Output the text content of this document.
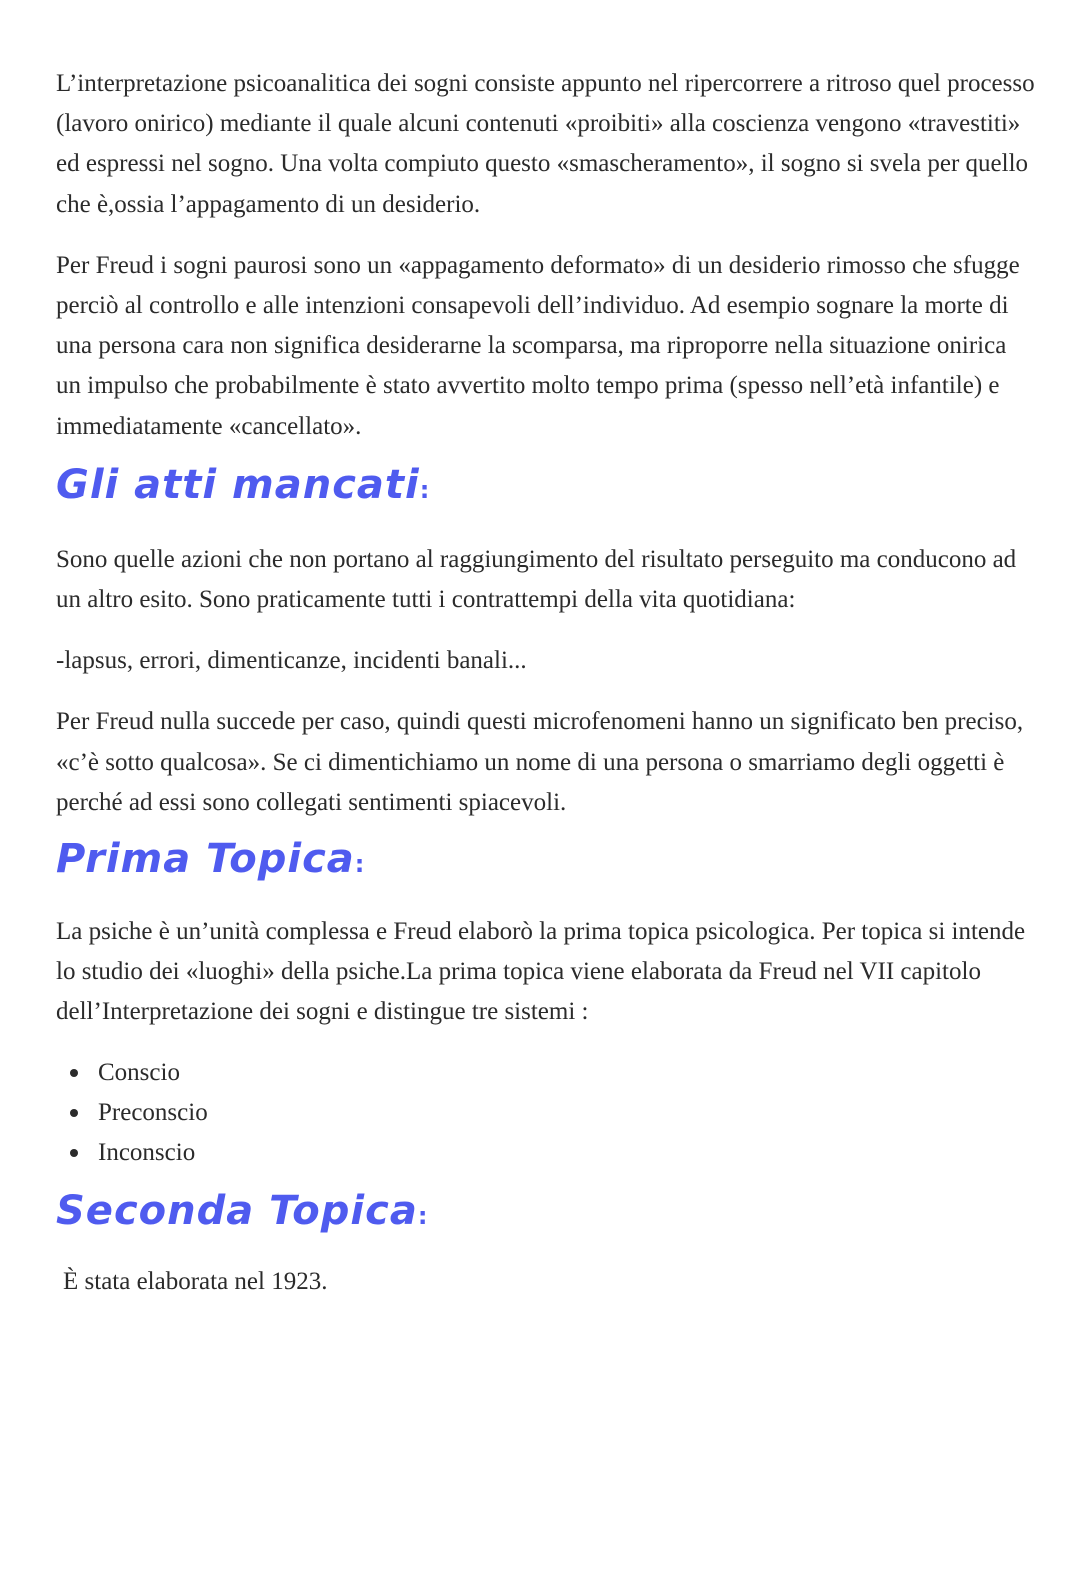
L’interpretazione psicoanalitica dei sogni consiste appunto nel ripercorrere a ritroso quel processo (lavoro onirico) mediante il quale alcuni contenuti «proibiti» alla coscienza vengono «travestiti» ed espressi nel sogno. Una volta compiuto questo «smascheramento», il sogno si svela per quello che è,ossia l’appagamento di un desiderio.

Per Freud i sogni paurosi sono un «appagamento deformato» di un desiderio rimosso che sfugge perciò al controllo e alle intenzioni consapevoli dell’individuo. Ad esempio sognare la morte di una persona cara non significa desiderarne la scomparsa, ma riproporre nella situazione onirica un impulso che probabilmente è stato avvertito molto tempo prima (spesso nell’età infantile) e immediatamente «cancellato».

Gli atti mancati:

Sono quelle azioni che non portano al raggiungimento del risultato perseguito ma conducono ad un altro esito. Sono praticamente tutti i contrattempi della vita quotidiana:

-lapsus, errori, dimenticanze, incidenti banali...

Per Freud nulla succede per caso, quindi questi microfenomeni hanno un significato ben preciso, «c’è sotto qualcosa». Se ci dimentichiamo un nome di una persona o smarriamo degli oggetti è perché ad essi sono collegati sentimenti spiacevoli.

Prima Topica:

La psiche è un’unità complessa e Freud elaborò la prima topica psicologica. Per topica si intende lo studio dei «luoghi» della psiche.La prima topica viene elaborata da Freud nel VII capitolo dell’Interpretazione dei sogni e distingue tre sistemi :

Conscio
Preconscio
Inconscio
Seconda Topica:

È stata elaborata nel 1923.
